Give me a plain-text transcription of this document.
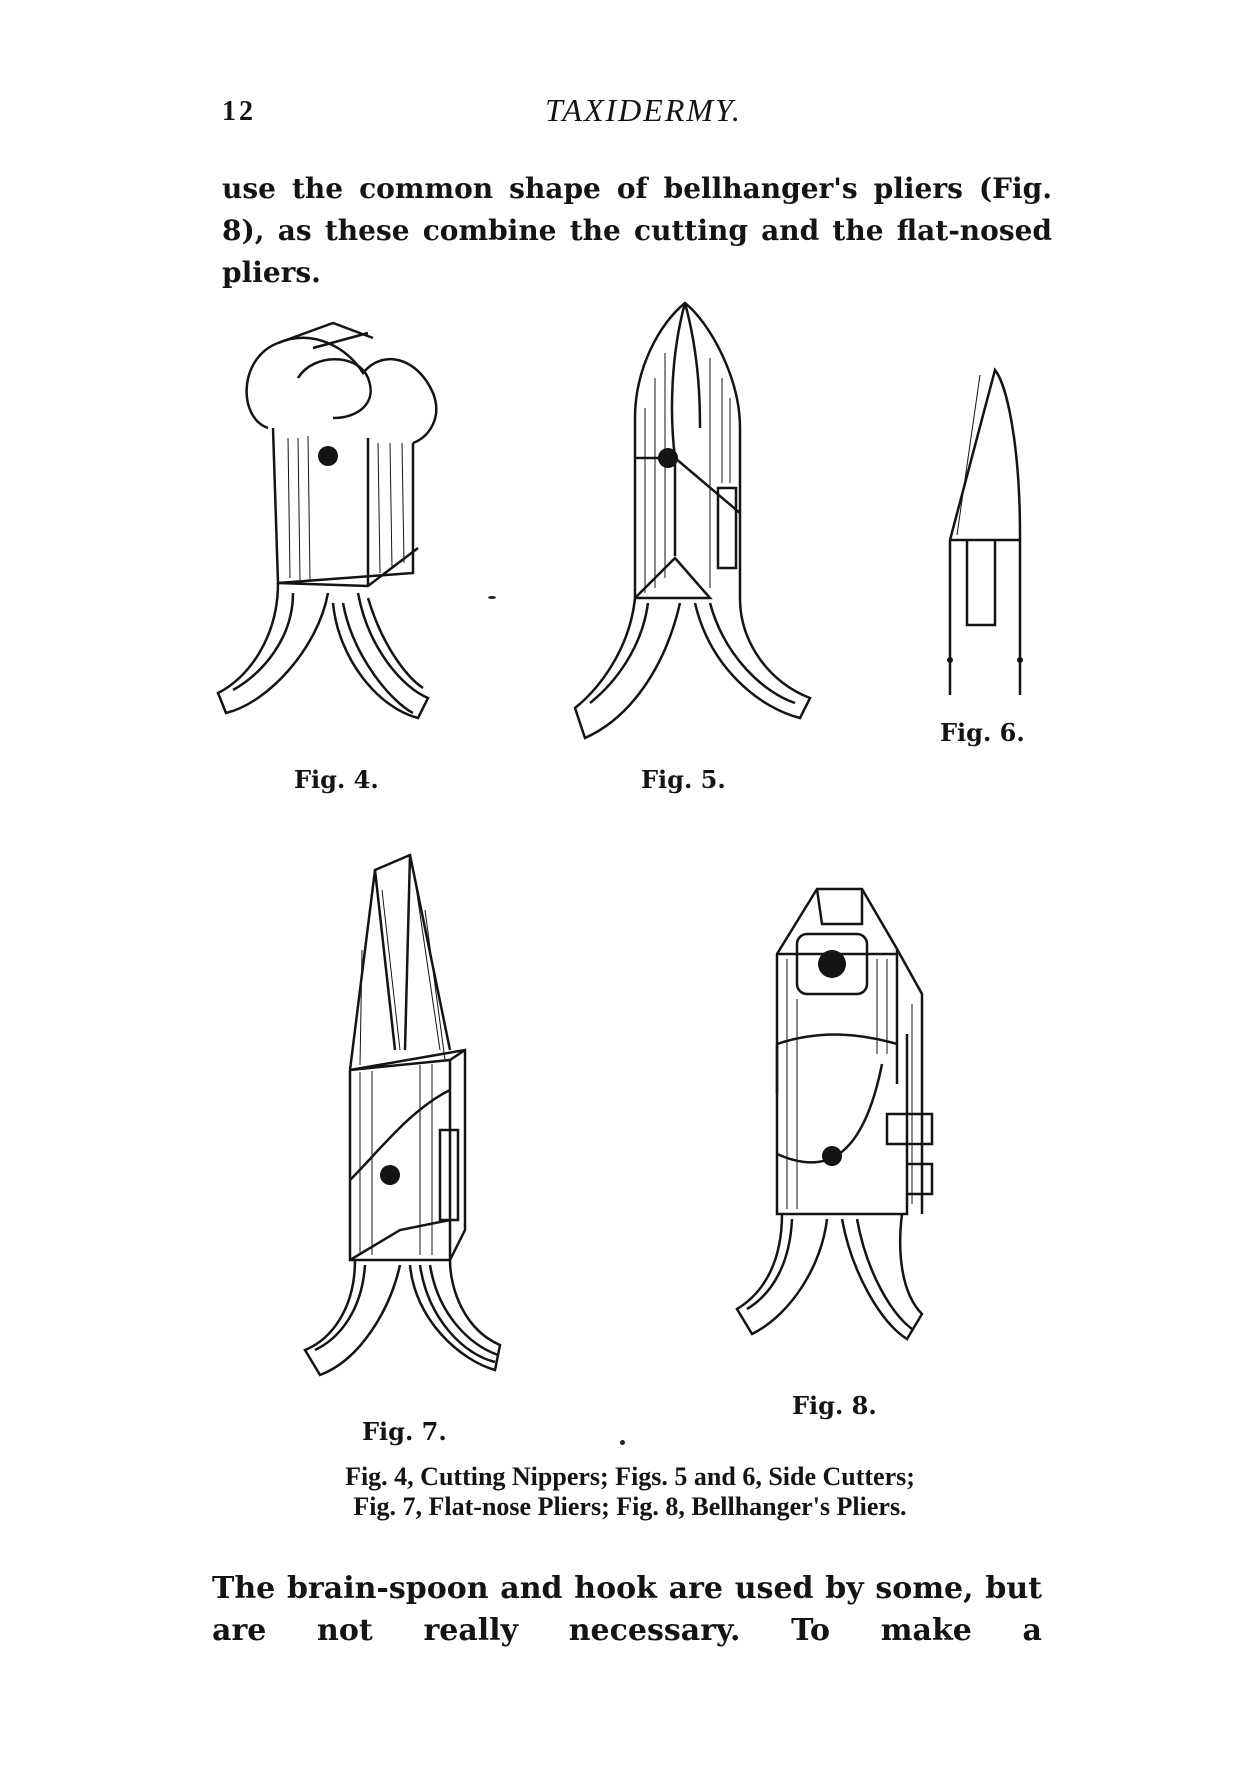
12	TAXIDERMY.
use the common shape of bellhanger's pliers (Fig. 8), as these combine the cutting and the flat-nosed pliers.
Fig. 4.	Fig. 5.
Fig. 6.
Fig. 7.
Fig. 8.
Fig. 4, Cutting Nippers; Figs. 5 and 6, Side Cutters;
Fig. 7, Flat-nose Pliers; Fig. 8, Bellhanger's Pliers.
The brain-spoon and hook are used by some, but are not really necessary. To make a
